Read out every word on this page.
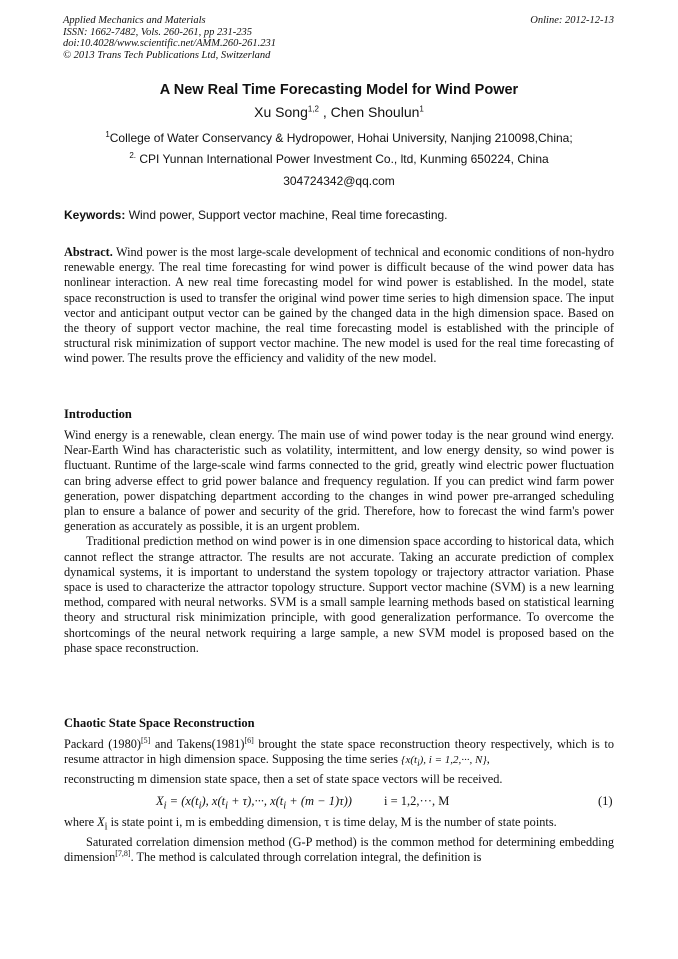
Applied Mechanics and Materials
ISSN: 1662-7482, Vols. 260-261, pp 231-235
doi:10.4028/www.scientific.net/AMM.260-261.231
© 2013 Trans Tech Publications Ltd, Switzerland
Online: 2012-12-13
A New Real Time Forecasting Model for Wind Power
Xu Song$^{1,2}$ , Chen Shoulun$^1$
$^1$College of Water Conservancy & Hydropower, Hohai University, Nanjing 210098,China;
$^{2.}$ CPI Yunnan International Power Investment Co., ltd, Kunming 650224, China
304724342@qq.com
Keywords: Wind power, Support vector machine, Real time forecasting.
Abstract. Wind power is the most large-scale development of technical and economic conditions of non-hydro renewable energy. The real time forecasting for wind power is difficult because of the wind power data has nonlinear interaction. A new real time forecasting model for wind power is established. In the model, state space reconstruction is used to transfer the original wind power time series to high dimension space. The input vector and anticipant output vector can be gained by the changed data in the high dimension space. Based on the theory of support vector machine, the real time forecasting model is established with the principle of structural risk minimization of support vector machine. The new model is used for the real time forecasting of wind power. The results prove the efficiency and validity of the new model.
Introduction
Wind energy is a renewable, clean energy. The main use of wind power today is the near ground wind energy. Near-Earth Wind has characteristic such as volatility, intermittent, and low energy density, so wind power is fluctuant. Runtime of the large-scale wind farms connected to the grid, greatly wind electric power fluctuation can bring adverse effect to grid power balance and frequency regulation. If you can predict wind farm power generation, power dispatching department according to the changes in wind power pre-arranged scheduling plan to ensure a balance of power and security of the grid. Therefore, how to forecast the wind farm's power generation as accurately as possible, it is an urgent problem.
Traditional prediction method on wind power is in one dimension space according to historical data, which cannot reflect the strange attractor. The results are not accurate. Taking an accurate prediction of complex dynamical systems, it is important to understand the system topology or trajectory attractor variation. Phase space is used to characterize the attractor topology structure. Support vector machine (SVM) is a new learning method, compared with neural networks. SVM is a small sample learning methods based on statistical learning theory and structural risk minimization principle, with good generalization performance. To overcome the shortcomings of the neural network requiring a large sample, a new SVM model is proposed based on the phase space reconstruction.
Chaotic State Space Reconstruction
Packard (1980)[5] and Takens(1981)[6] brought the state space reconstruction theory respectively, which is to resume attractor in high dimension space. Supposing the time series {$x(t_i)$, i = 1,2,···, N},
reconstructing m dimension state space, then a set of state space vectors will be received.
$X_i = (x(t_i)$, $x(t_i + \tau),\cdot\cdot\cdot$, $x(t_i + (m - 1)\tau)$)	i = 1,2,···, M	(1)
where $X_i$ is state point i, m is embedding dimension, τ is time delay, M is the number of state points.
Saturated correlation dimension method (G-P method) is the common method for determining embedding dimension[7,8]. The method is calculated through correlation integral, the definition is
